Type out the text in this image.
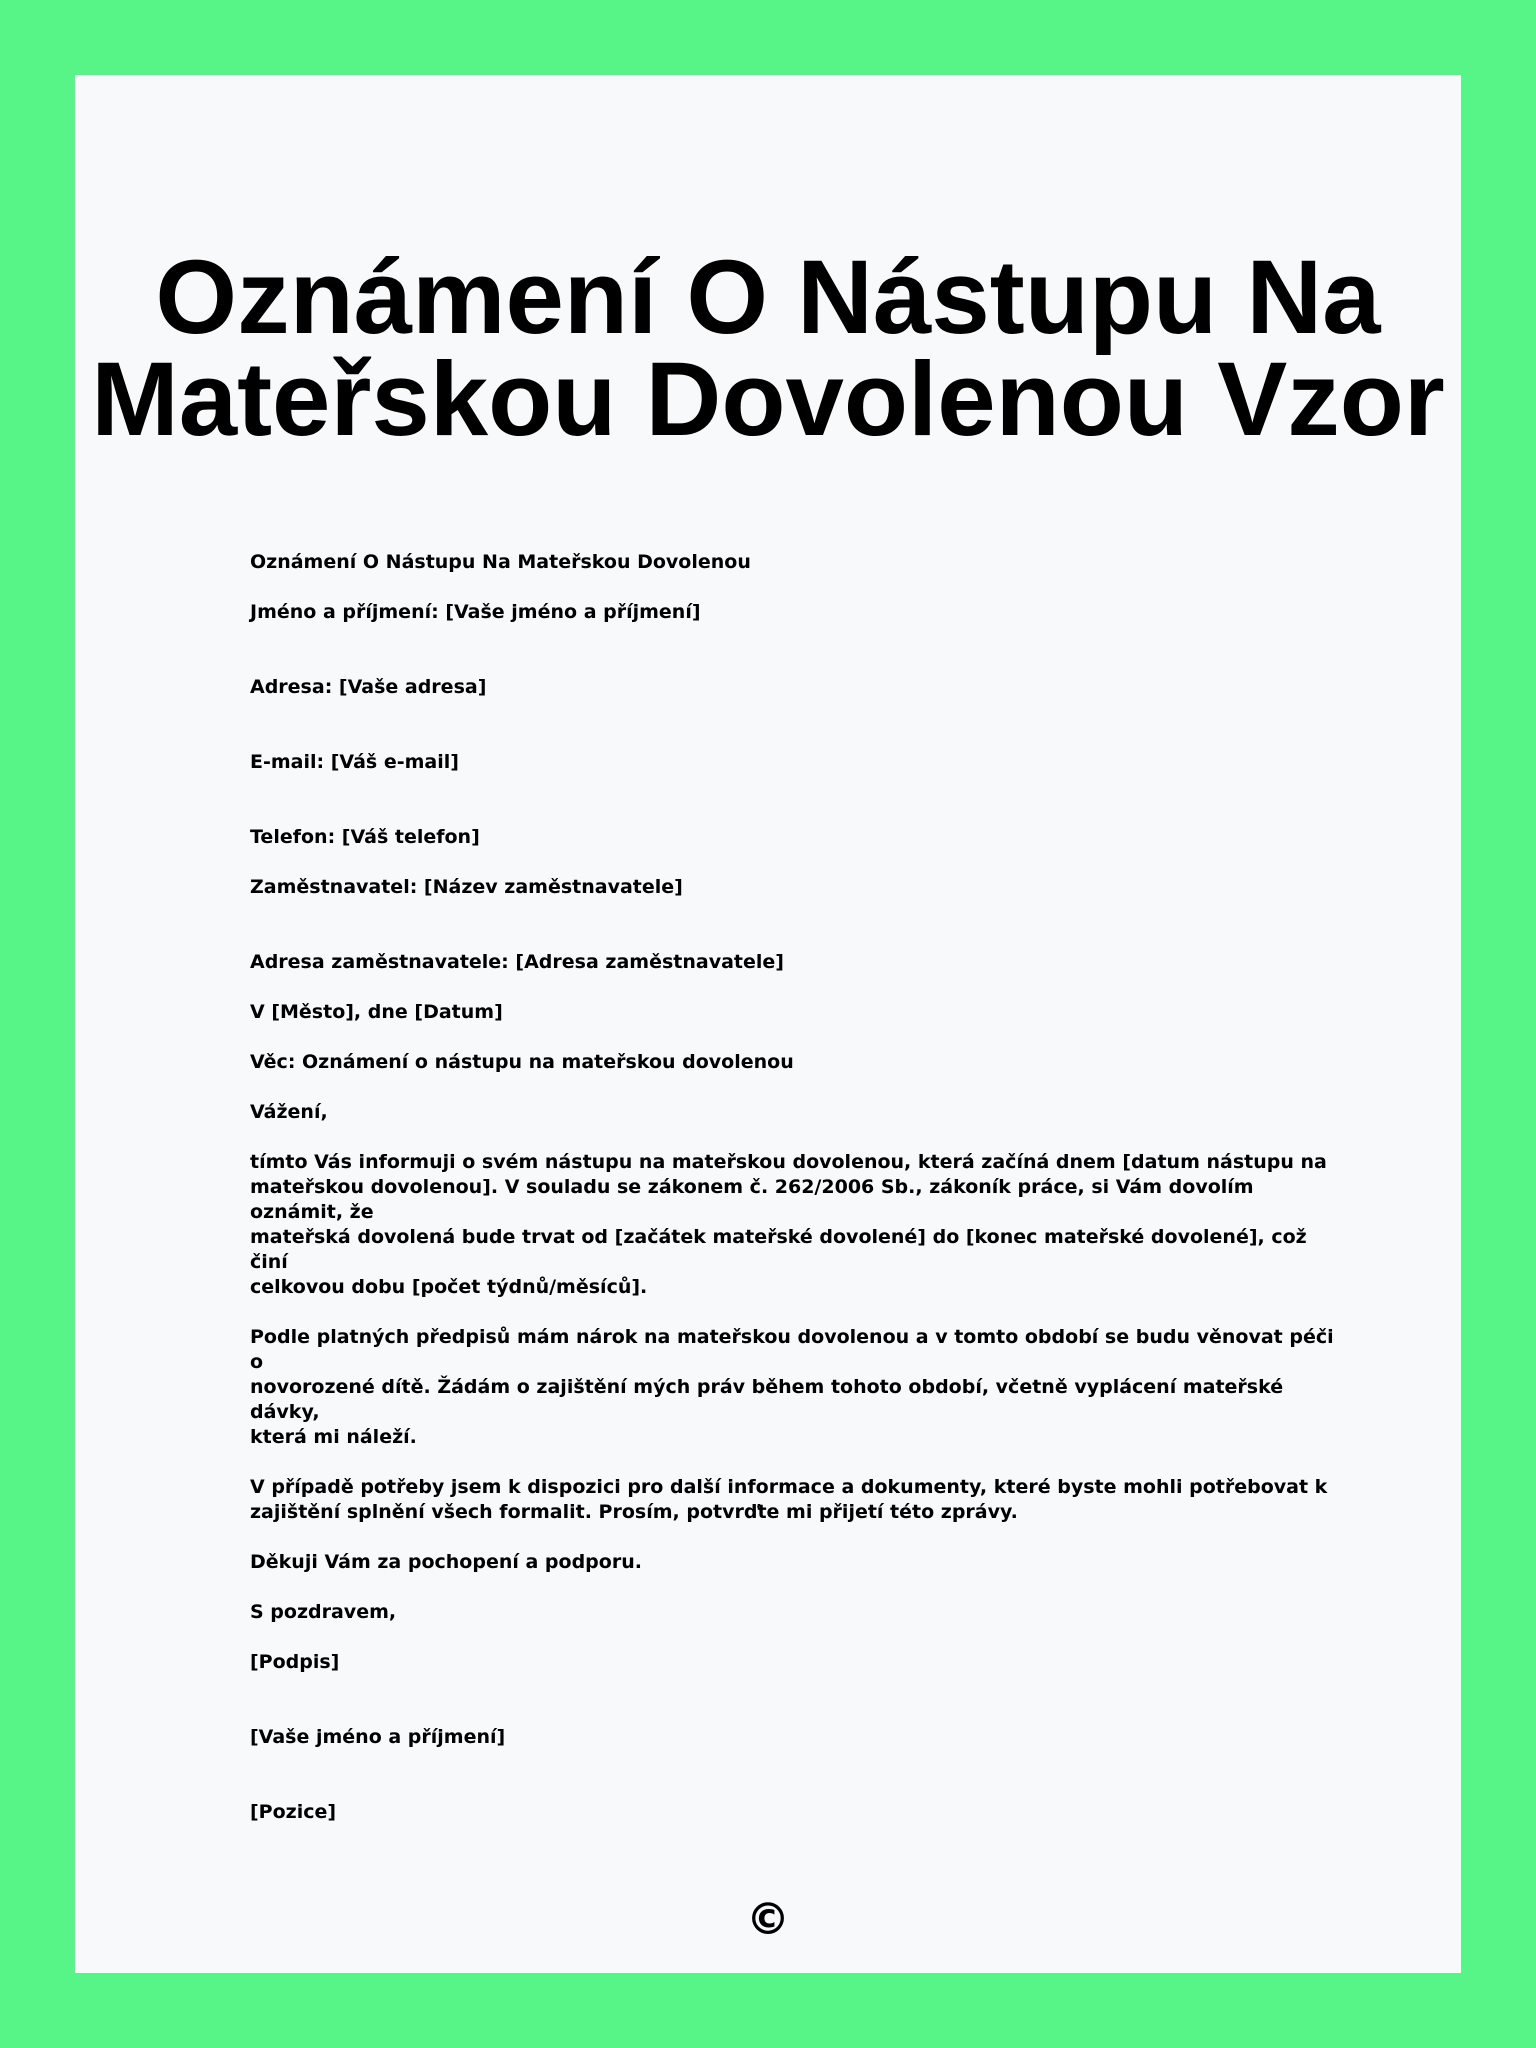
Oznámení O Nástupu Na Mateřskou Dovolenou Vzor

Oznámení O Nástupu Na Mateřskou Dovolenou

Jméno a příjmení: [Vaše jméno a příjmení]

Adresa: [Vaše adresa]

E-mail: [Váš e-mail]

Telefon: [Váš telefon]

Zaměstnavatel: [Název zaměstnavatele]

Adresa zaměstnavatele: [Adresa zaměstnavatele]

V [Město], dne [Datum]

Věc: Oznámení o nástupu na mateřskou dovolenou

Vážení,

tímto Vás informuji o svém nástupu na mateřskou dovolenou, která začíná dnem [datum nástupu na
mateřskou dovolenou]. V souladu se zákonem č. 262/2006 Sb., zákoník práce, si Vám dovolím oznámit, že
mateřská dovolená bude trvat od [začátek mateřské dovolené] do [konec mateřské dovolené], což činí
celkovou dobu [počet týdnů/měsíců].

Podle platných předpisů mám nárok na mateřskou dovolenou a v tomto období se budu věnovat péči o
novorozené dítě. Žádám o zajištění mých práv během tohoto období, včetně vyplácení mateřské dávky,
která mi náleží.

V případě potřeby jsem k dispozici pro další informace a dokumenty, které byste mohli potřebovat k
zajištění splnění všech formalit. Prosím, potvrďte mi přijetí této zprávy.

Děkuji Vám za pochopení a podporu.

S pozdravem,

[Podpis]

[Vaše jméno a příjmení]

[Pozice]

©
